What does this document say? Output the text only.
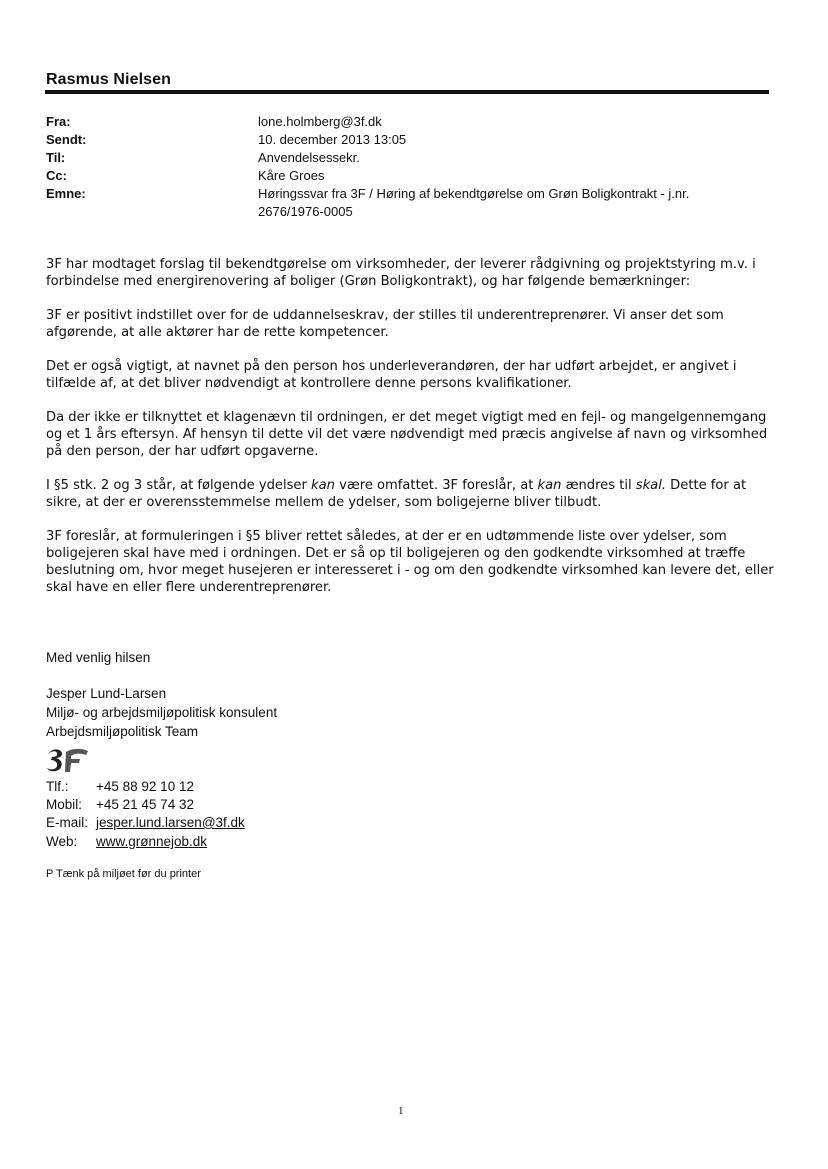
Rasmus Nielsen
Fra:	lone.holmberg@3f.dk
Sendt:	10. december 2013 13:05
Til:	Anvendelsessekr.
Cc:	Kåre Groes
Emne:	Høringssvar fra 3F / Høring af bekendtgørelse om Grøn Boligkontrakt - j.nr.
2676/1976-0005

3F har modtaget forslag til bekendtgørelse om virksomheder, der leverer rådgivning og projektstyring m.v. i forbindelse med energirenovering af boliger (Grøn Boligkontrakt), og har følgende bemærkninger:

3F er positivt indstillet over for de uddannelseskrav, der stilles til underentreprenører. Vi anser det som afgørende, at alle aktører har de rette kompetencer.

Det er også vigtigt, at navnet på den person hos underleverandøren, der har udført arbejdet, er angivet i tilfælde af, at det bliver nødvendigt at kontrollere denne persons kvalifikationer.

Da der ikke er tilknyttet et klagenævn til ordningen, er det meget vigtigt med en fejl- og mangelgennemgang og et 1 års eftersyn. Af hensyn til dette vil det være nødvendigt med præcis angivelse af navn og virksomhed på den person, der har udført opgaverne.

I §5 stk. 2 og 3 står, at følgende ydelser kan være omfattet. 3F foreslår, at kan ændres til skal. Dette for at sikre, at der er overensstemmelse mellem de ydelser, som boligejerne bliver tilbudt.

3F foreslår, at formuleringen i §5 bliver rettet således, at der er en udtømmende liste over ydelser, som boligejeren skal have med i ordningen. Det er så op til boligejeren og den godkendte virksomhed at træffe beslutning om, hvor meget husejeren er interesseret i - og om den godkendte virksomhed kan levere det, eller skal have en eller flere underentreprenører.

Med venlig hilsen
Jesper Lund-Larsen
Miljø- og arbejdsmiljøpolitisk konsulent
Arbejdsmiljøpolitisk Team
Tlf.: +45 88 92 10 12
Mobil: +45 21 45 74 32
E-mail: jesper.lund.larsen@3f.dk
Web: www.grønnejob.dk
P Tænk på miljøet før du printer
1
